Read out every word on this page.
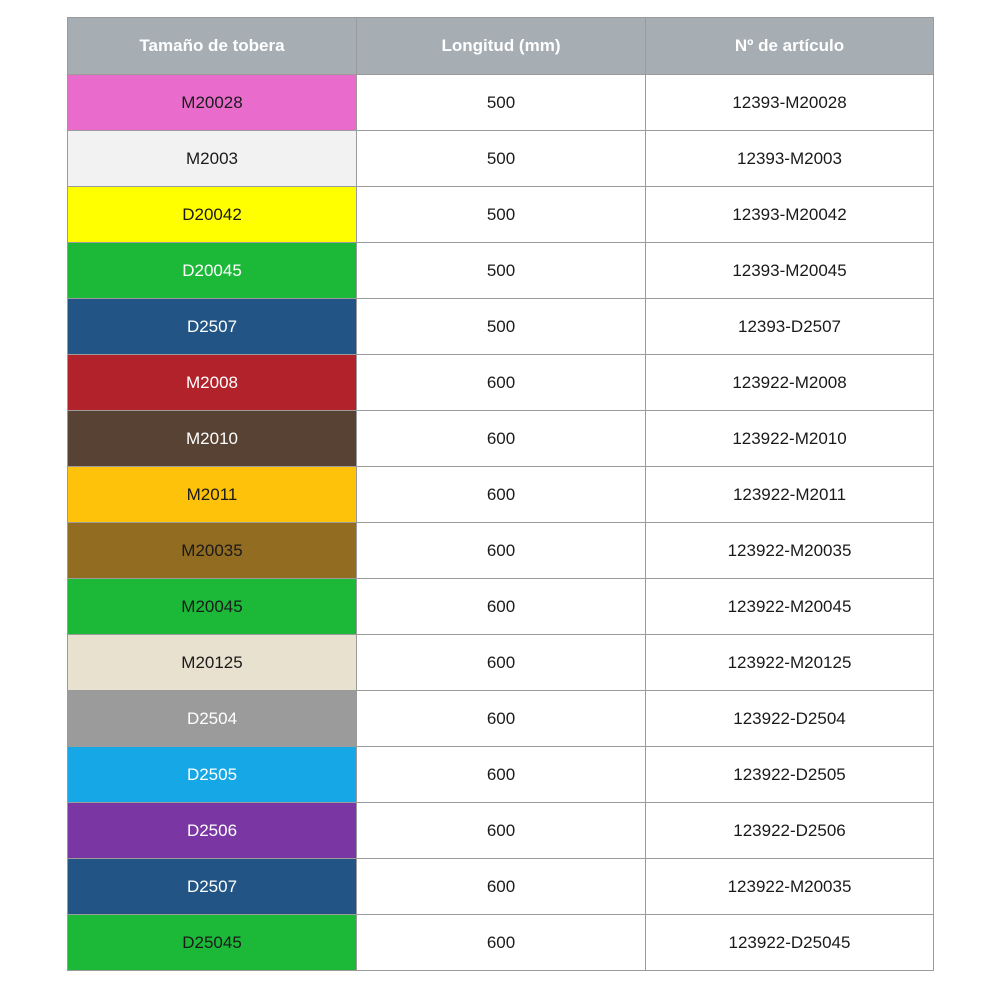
Tamaño de tobera	Longitud (mm)	Nº de artículo
M20028	500	12393-M20028
M2003	500	12393-M2003
D20042	500	12393-M20042
D20045	500	12393-M20045
D2507	500	12393-D2507
M2008	600	123922-M2008
M2010	600	123922-M2010
M2011	600	123922-M2011
M20035	600	123922-M20035
M20045	600	123922-M20045
M20125	600	123922-M20125
D2504	600	123922-D2504
D2505	600	123922-D2505
D2506	600	123922-D2506
D2507	600	123922-M20035
D25045	600	123922-D25045
